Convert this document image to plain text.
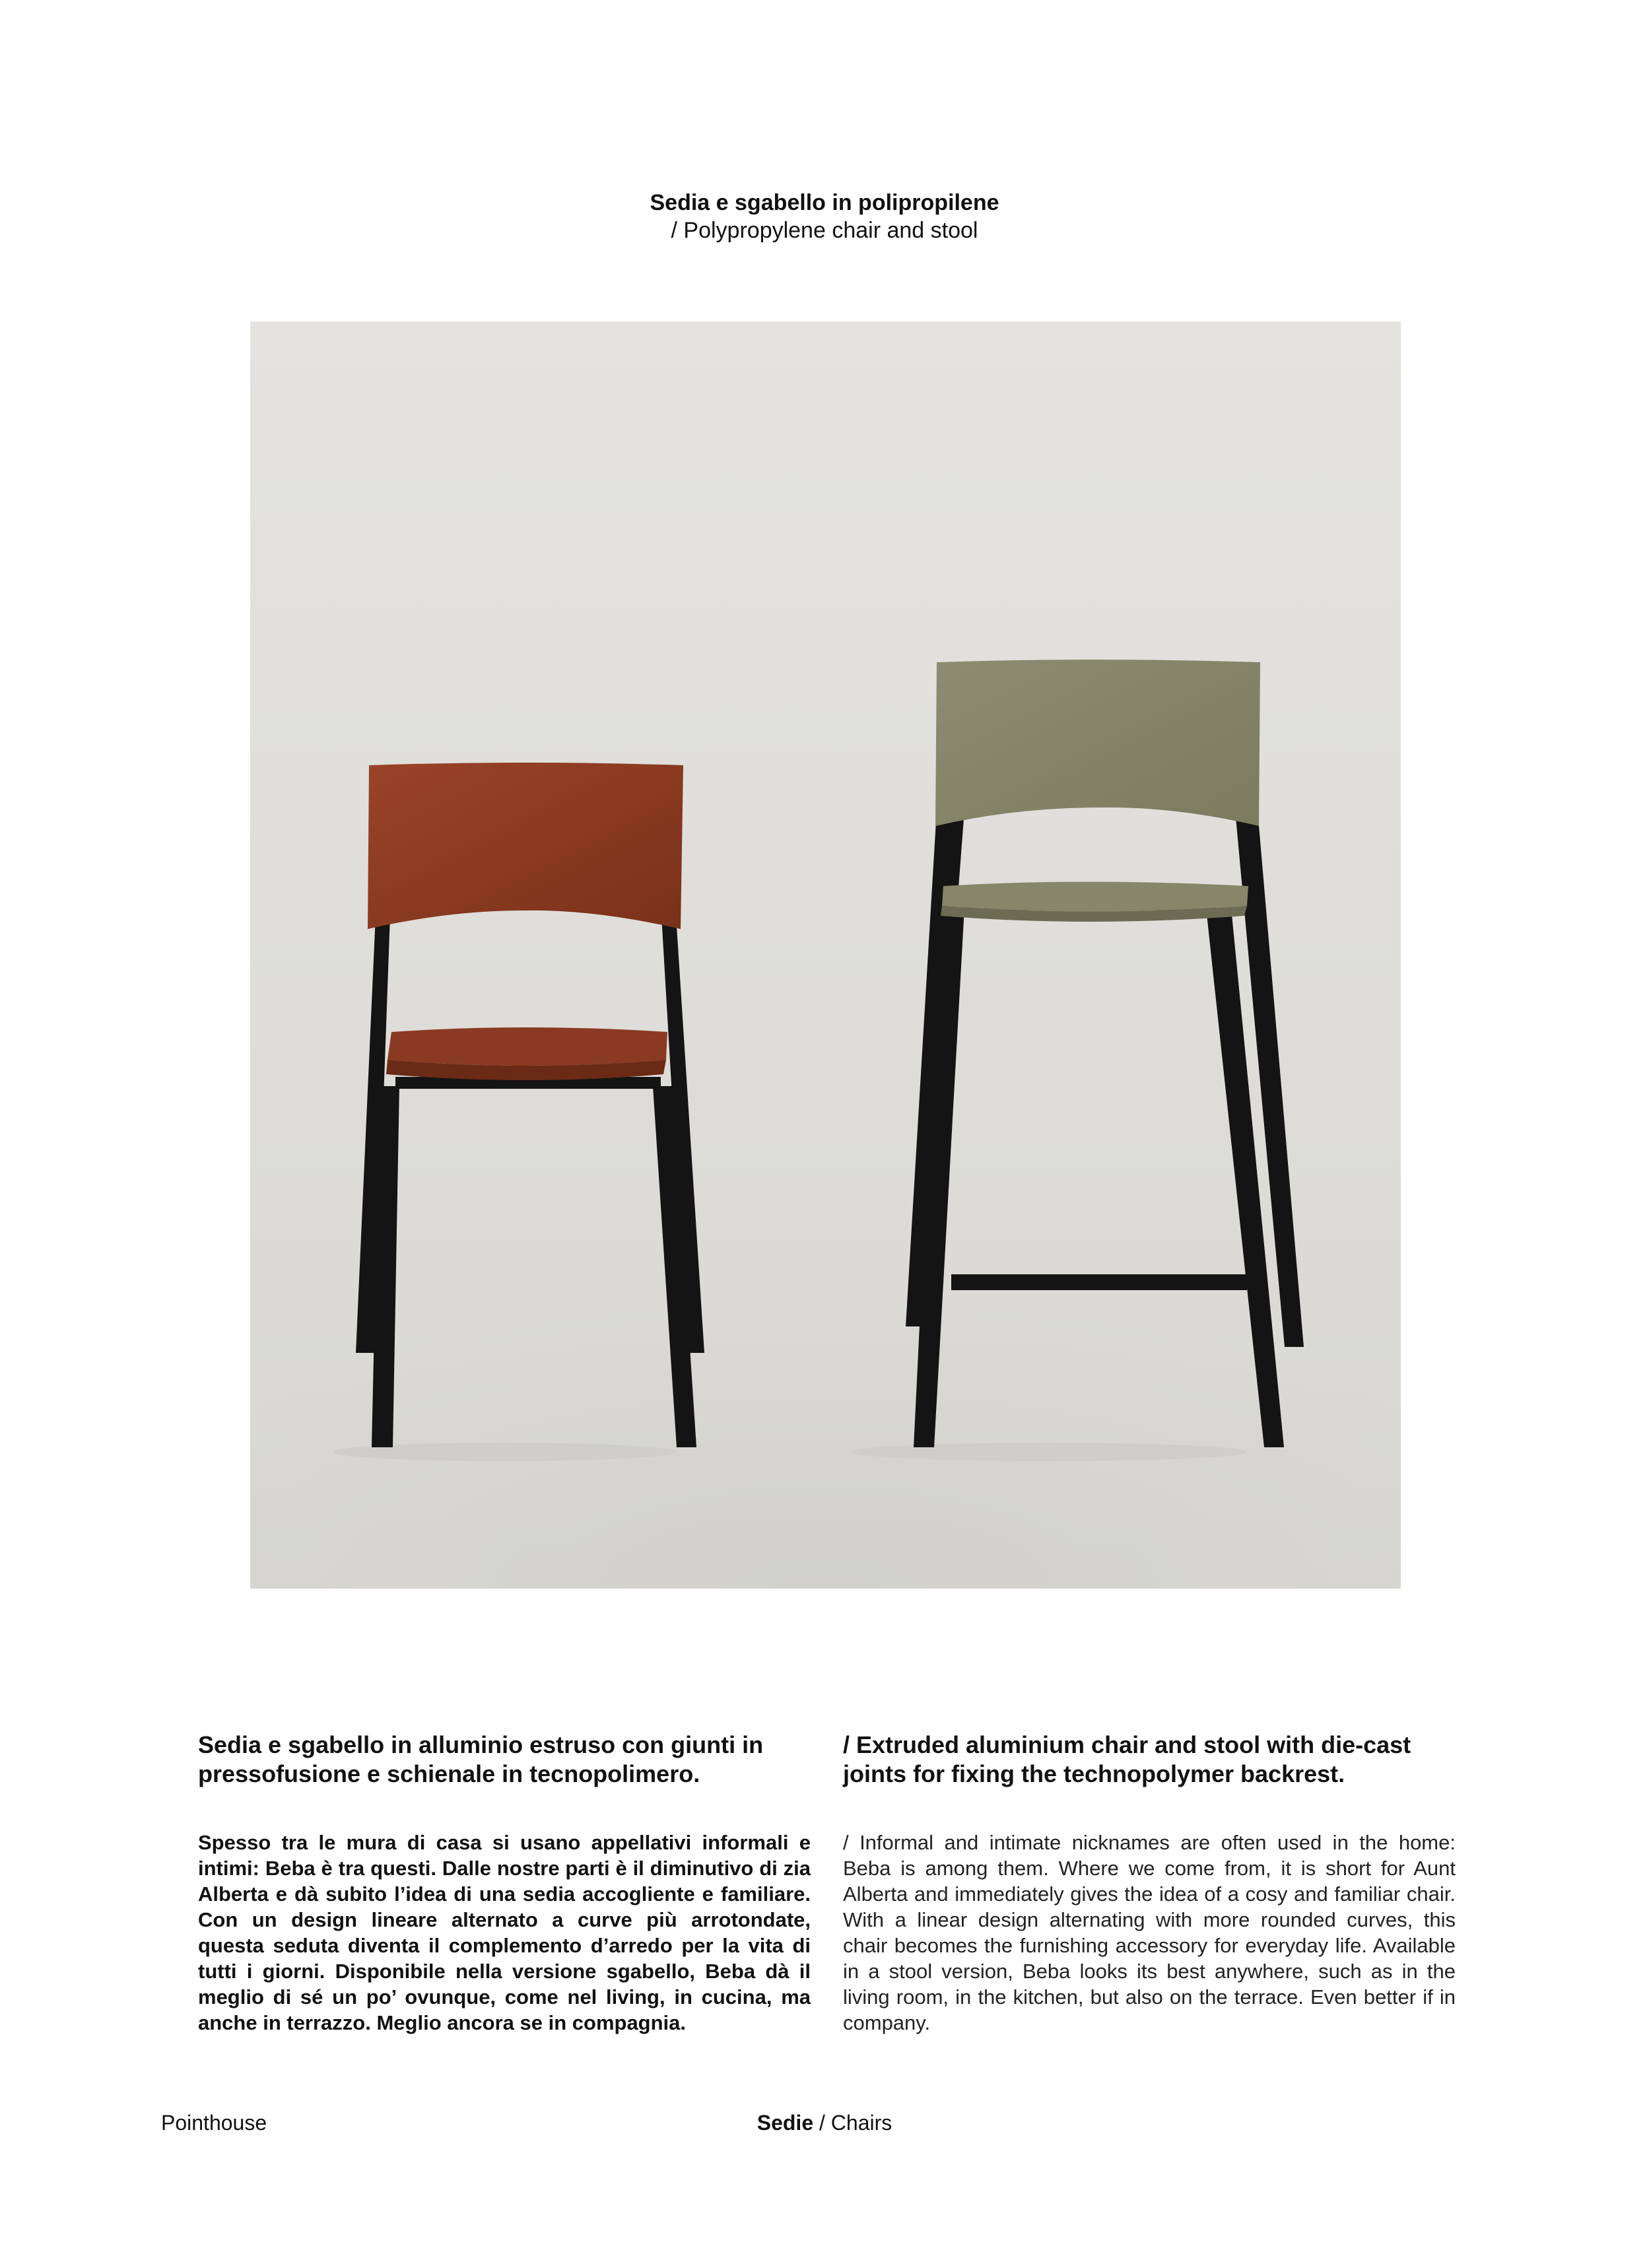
Sedia e sgabello in polipropilene
/ Polypropylene chair and stool

Sedia e sgabello in alluminio estruso con giunti in pressofusione e schienale in tecnopolimero.

Spesso tra le mura di casa si usano appellativi informali e intimi: Beba è tra questi. Dalle nostre parti è il diminutivo di zia Alberta e dà subito l’idea di una sedia accogliente e familiare. Con un design lineare alternato a curve più arrotondate, questa seduta diventa il complemento d’arredo per la vita di tutti i giorni. Disponibile nella versione sgabello, Beba dà il meglio di sé un po’ ovunque, come nel living, in cucina, ma anche in terrazzo. Meglio ancora se in compagnia.

/ Extruded aluminium chair and stool with die-cast joints for fixing the technopolymer backrest.

/ Informal and intimate nicknames are often used in the home: Beba is among them. Where we come from, it is short for Aunt Alberta and immediately gives the idea of a cosy and familiar chair. With a linear design alternating with more rounded curves, this chair becomes the furnishing accessory for everyday life. Available in a stool version, Beba looks its best anywhere, such as in the living room, in the kitchen, but also on the terrace. Even better if in company.
Pointhouse	Sedie / Chairs
